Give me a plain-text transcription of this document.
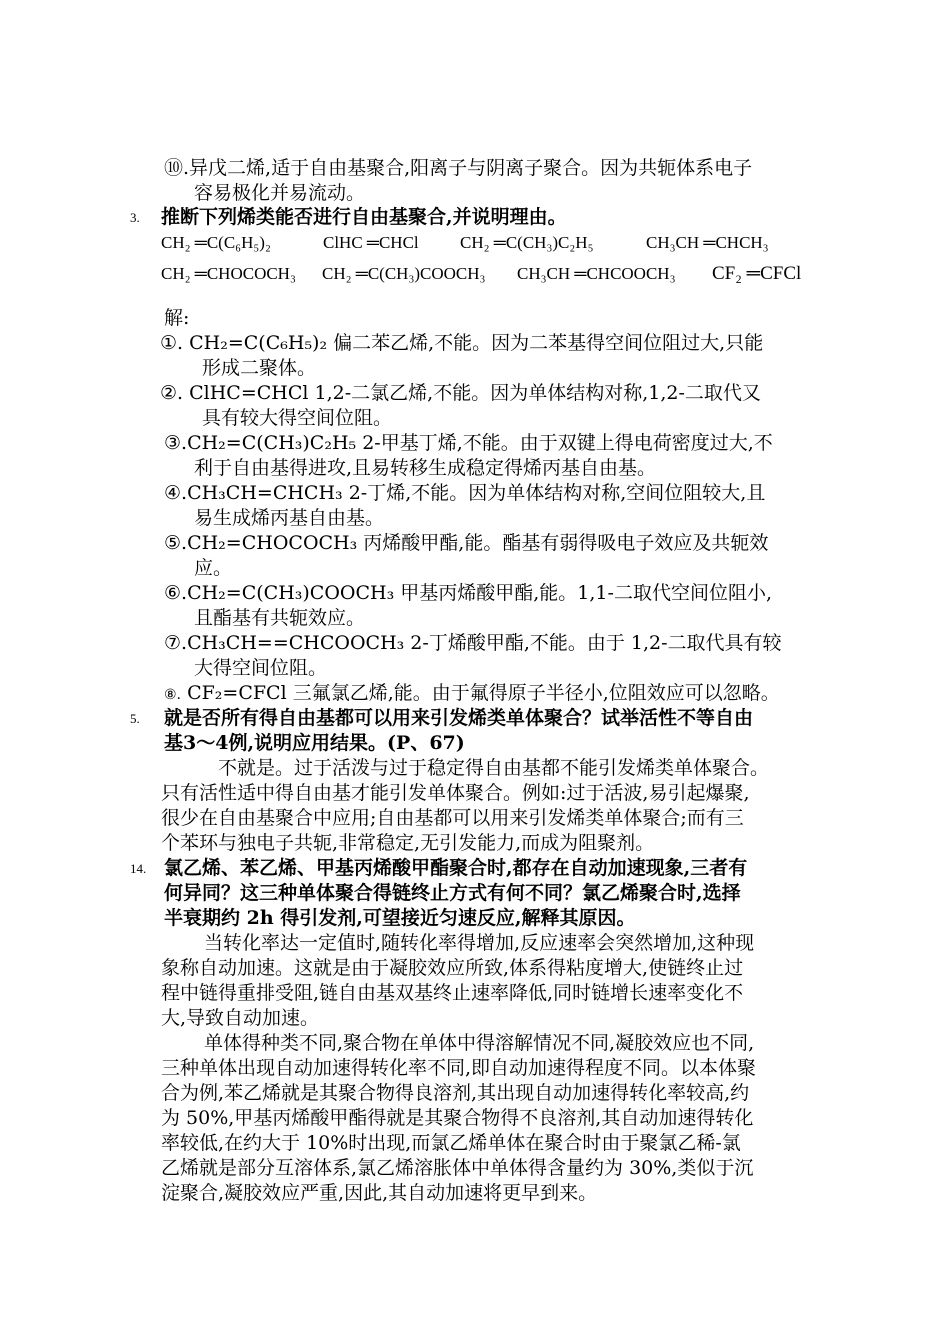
⑩.异戊二烯,适于自由基聚合,阳离子与阴离子聚合。因为共轭体系电子
容易极化并易流动。
3. 推断下列烯类能否进行自由基聚合,并说明理由。
CH₂ ═C(C₆H₅)₂	ClHC ═CHCl CH₂ ═C(CH₃)C₂H₅	CH₃CH ═CHCH₃
CH₂ ═CHOCOCH₃ CH₂ ═C(CH₃)COOCH₃ CH₃CH ═CHCOOCH₃ CF₂ ═CFCl
解:
①. CH₂=C(C₆H₅)₂ 偏二苯乙烯,不能。因为二苯基得空间位阻过大,只能
形成二聚体。
②. ClHC=CHCl 1,2-二氯乙烯,不能。因为单体结构对称,1,2-二取代又
具有较大得空间位阻。
③.CH₂=C(CH₃)C₂H₅ 2-甲基丁烯,不能。由于双键上得电荷密度过大,不
利于自由基得进攻,且易转移生成稳定得烯丙基自由基。
④.CH₃CH=CHCH₃ 2-丁烯,不能。因为单体结构对称,空间位阻较大,且
易生成烯丙基自由基。
⑤.CH₂=CHOCOCH₃ 丙烯酸甲酯,能。酯基有弱得吸电子效应及共轭效
应。
⑥.CH₂=C(CH₃)COOCH₃ 甲基丙烯酸甲酯,能。1,1-二取代空间位阻小,
且酯基有共轭效应。
⑦.CH₃CH==CHCOOCH₃ 2-丁烯酸甲酯,不能。由于 1,2-二取代具有较
大得空间位阻。
⑧. CF₂=CFCl 三氟氯乙烯,能。由于氟得原子半径小,位阻效应可以忽略。
5. 就是否所有得自由基都可以用来引发烯类单体聚合？试举活性不等自由
基3～4例,说明应用结果。(P、67)
不就是。过于活泼与过于稳定得自由基都不能引发烯类单体聚合。
只有活性适中得自由基才能引发单体聚合。例如:过于活波,易引起爆聚,
很少在自由基聚合中应用;自由基都可以用来引发烯类单体聚合;而有三
个苯环与独电子共轭,非常稳定,无引发能力,而成为阻聚剂。
14. 氯乙烯、苯乙烯、甲基丙烯酸甲酯聚合时,都存在自动加速现象,三者有
何异同？这三种单体聚合得链终止方式有何不同？氯乙烯聚合时,选择
半衰期约 2h 得引发剂,可望接近匀速反应,解释其原因。
当转化率达一定值时,随转化率得增加,反应速率会突然增加,这种现
象称自动加速。这就是由于凝胶效应所致,体系得粘度增大,使链终止过
程中链得重排受阻,链自由基双基终止速率降低,同时链增长速率变化不
大,导致自动加速。
单体得种类不同,聚合物在单体中得溶解情况不同,凝胶效应也不同,
三种单体出现自动加速得转化率不同,即自动加速得程度不同。以本体聚
合为例,苯乙烯就是其聚合物得良溶剂,其出现自动加速得转化率较高,约
为 50%,甲基丙烯酸甲酯得就是其聚合物得不良溶剂,其自动加速得转化
率较低,在约大于 10%时出现,而氯乙烯单体在聚合时由于聚氯乙稀-氯
乙烯就是部分互溶体系,氯乙烯溶胀体中单体得含量约为 30%,类似于沉
淀聚合,凝胶效应严重,因此,其自动加速将更早到来。
